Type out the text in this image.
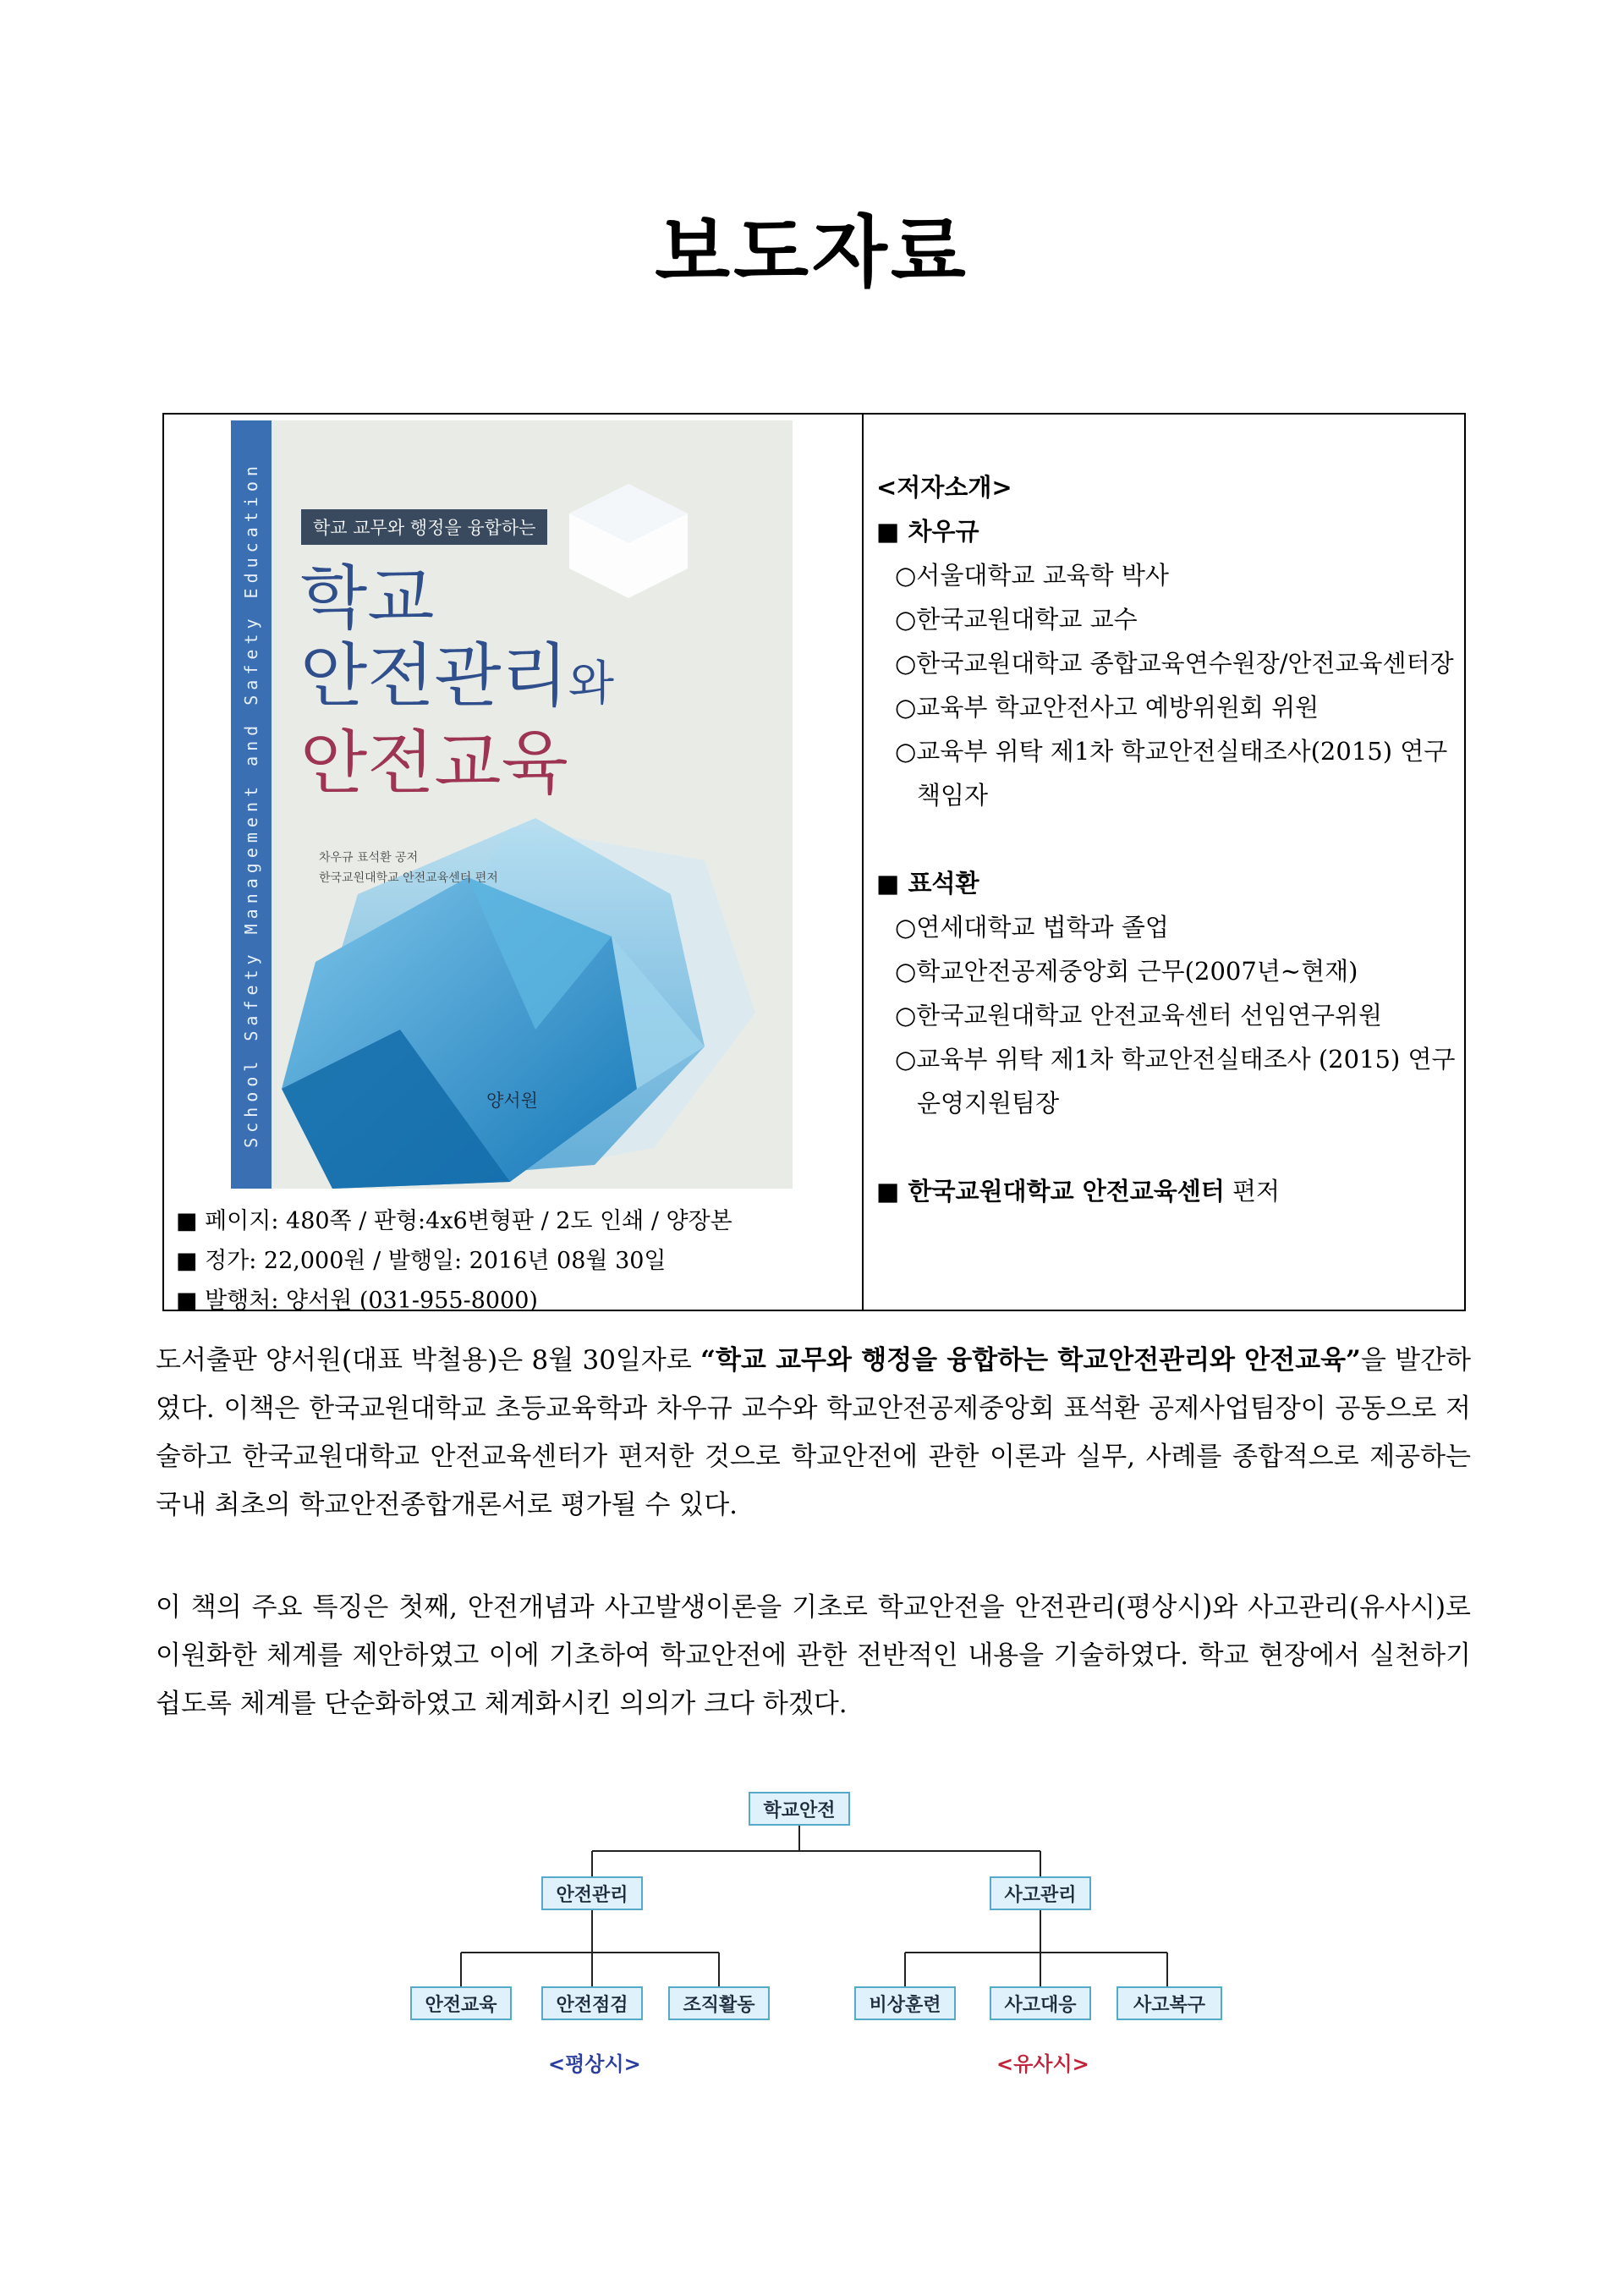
보도자료
School Safety Management and Safety Education	학교 교무와 행정을 융합하는
학교
안전관리와
안전교육
차우규 표석환 공저
한국교원대학교 안전교육센터 편저
양서원
■ 페이지: 480쪽 / 판형:4x6변형판 / 2도 인쇄 / 양장본
■ 정가: 22,000원 / 발행일: 2016년 08월 30일
■ 발행처: 양서원 (031-955-8000)
<저자소개>
■ 차우규
○서울대학교 교육학 박사
○한국교원대학교 교수
○한국교원대학교 종합교육연수원장/안전교육센터장
○교육부 학교안전사고 예방위원회 위원
○교육부 위탁 제1차 학교안전실태조사(2015) 연구책임자
■ 표석환
○연세대학교 법학과 졸업
○학교안전공제중앙회 근무(2007년~현재)
○한국교원대학교 안전교육센터 선임연구위원
○교육부 위탁 제1차 학교안전실태조사 (2015) 연구 운영지원팀장
■ 한국교원대학교 안전교육센터 편저
도서출판 양서원(대표 박철용)은 8월 30일자로 “학교 교무와 행정을 융합하는 학교안전관리와 안전교육”을 발간하였다. 이책은 한국교원대학교 초등교육학과 차우규 교수와 학교안전공제중앙회 표석환 공제사업팀장이 공동으로 저술하고 한국교원대학교 안전교육센터가 편저한 것으로 학교안전에 관한 이론과 실무, 사례를 종합적으로 제공하는 국내 최초의 학교안전종합개론서로 평가될 수 있다.
이 책의 주요 특징은 첫째, 안전개념과 사고발생이론을 기초로 학교안전을 안전관리(평상시)와 사고관리(유사시)로 이원화한 체계를 제안하였고 이에 기초하여 학교안전에 관한 전반적인 내용을 기술하였다. 학교 현장에서 실천하기 쉽도록 체계를 단순화하였고 체계화시킨 의의가 크다 하겠다.
학교안전
안전관리	사고관리
안전교육	안전점검	조직활동	비상훈련	사고대응	사고복구
<평상시>	<유사시>
